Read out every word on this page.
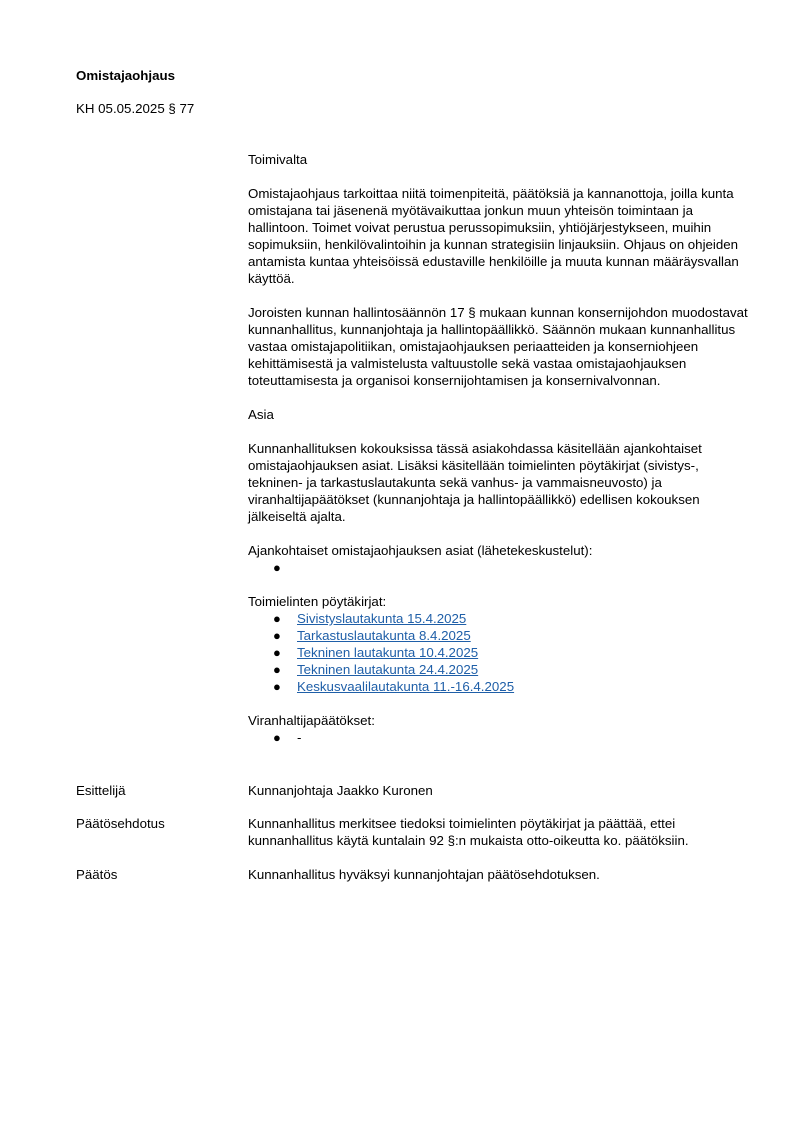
Omistajaohjaus
KH 05.05.2025 § 77

Toimivalta

Omistajaohjaus tarkoittaa niitä toimenpiteitä, päätöksiä ja kannanottoja, joilla kunta omistajana tai jäsenenä myötävaikuttaa jonkun muun yhteisön toimintaan ja hallintoon. Toimet voivat perustua perussopimuksiin, yhtiöjärjestykseen, muihin sopimuksiin, henkilövalintoihin ja kunnan strategisiin linjauksiin. Ohjaus on ohjeiden antamista kuntaa yhteisöissä edustaville henkilöille ja muuta kunnan määräysvallan käyttöä.

Joroisten kunnan hallintosäännön 17 § mukaan kunnan konsernijohdon muodostavat kunnanhallitus, kunnanjohtaja ja hallintopäällikkö. Säännön mukaan kunnanhallitus vastaa omistajapolitiikan, omistajaohjauksen periaatteiden ja konserniohjeen kehittämisestä ja valmistelusta valtuustolle sekä vastaa omistajaohjauksen toteuttamisesta ja organisoi konsernijohtamisen ja konsernivalvonnan.

Asia

Kunnanhallituksen kokouksissa tässä asiakohdassa käsitellään ajankohtaiset omistajaohjauksen asiat. Lisäksi käsitellään toimielinten pöytäkirjat (sivistys-, tekninen- ja tarkastuslautakunta sekä vanhus- ja vammaisneuvosto) ja viranhaltijapäätökset (kunnanjohtaja ja hallintopäällikkö) edellisen kokouksen jälkeiseltä ajalta.

Ajankohtaiset omistajaohjauksen asiat (lähetekeskustelut):

●

Toimielinten pöytäkirjat:

● Sivistyslautakunta 15.4.2025
● Tarkastuslautakunta 8.4.2025
● Tekninen lautakunta 10.4.2025
● Tekninen lautakunta 24.4.2025
● Keskusvaalilautakunta 11.-16.4.2025

Viranhaltijapäätökset:

● -
Esittelijä	Kunnanjohtaja Jaakko Kuronen
Päätösehdotus	Kunnanhallitus merkitsee tiedoksi toimielinten pöytäkirjat ja päättää, ettei kunnanhallitus käytä kuntalain 92 §:n mukaista otto-oikeutta ko. päätöksiin.
Päätös	Kunnanhallitus hyväksyi kunnanjohtajan päätösehdotuksen.
